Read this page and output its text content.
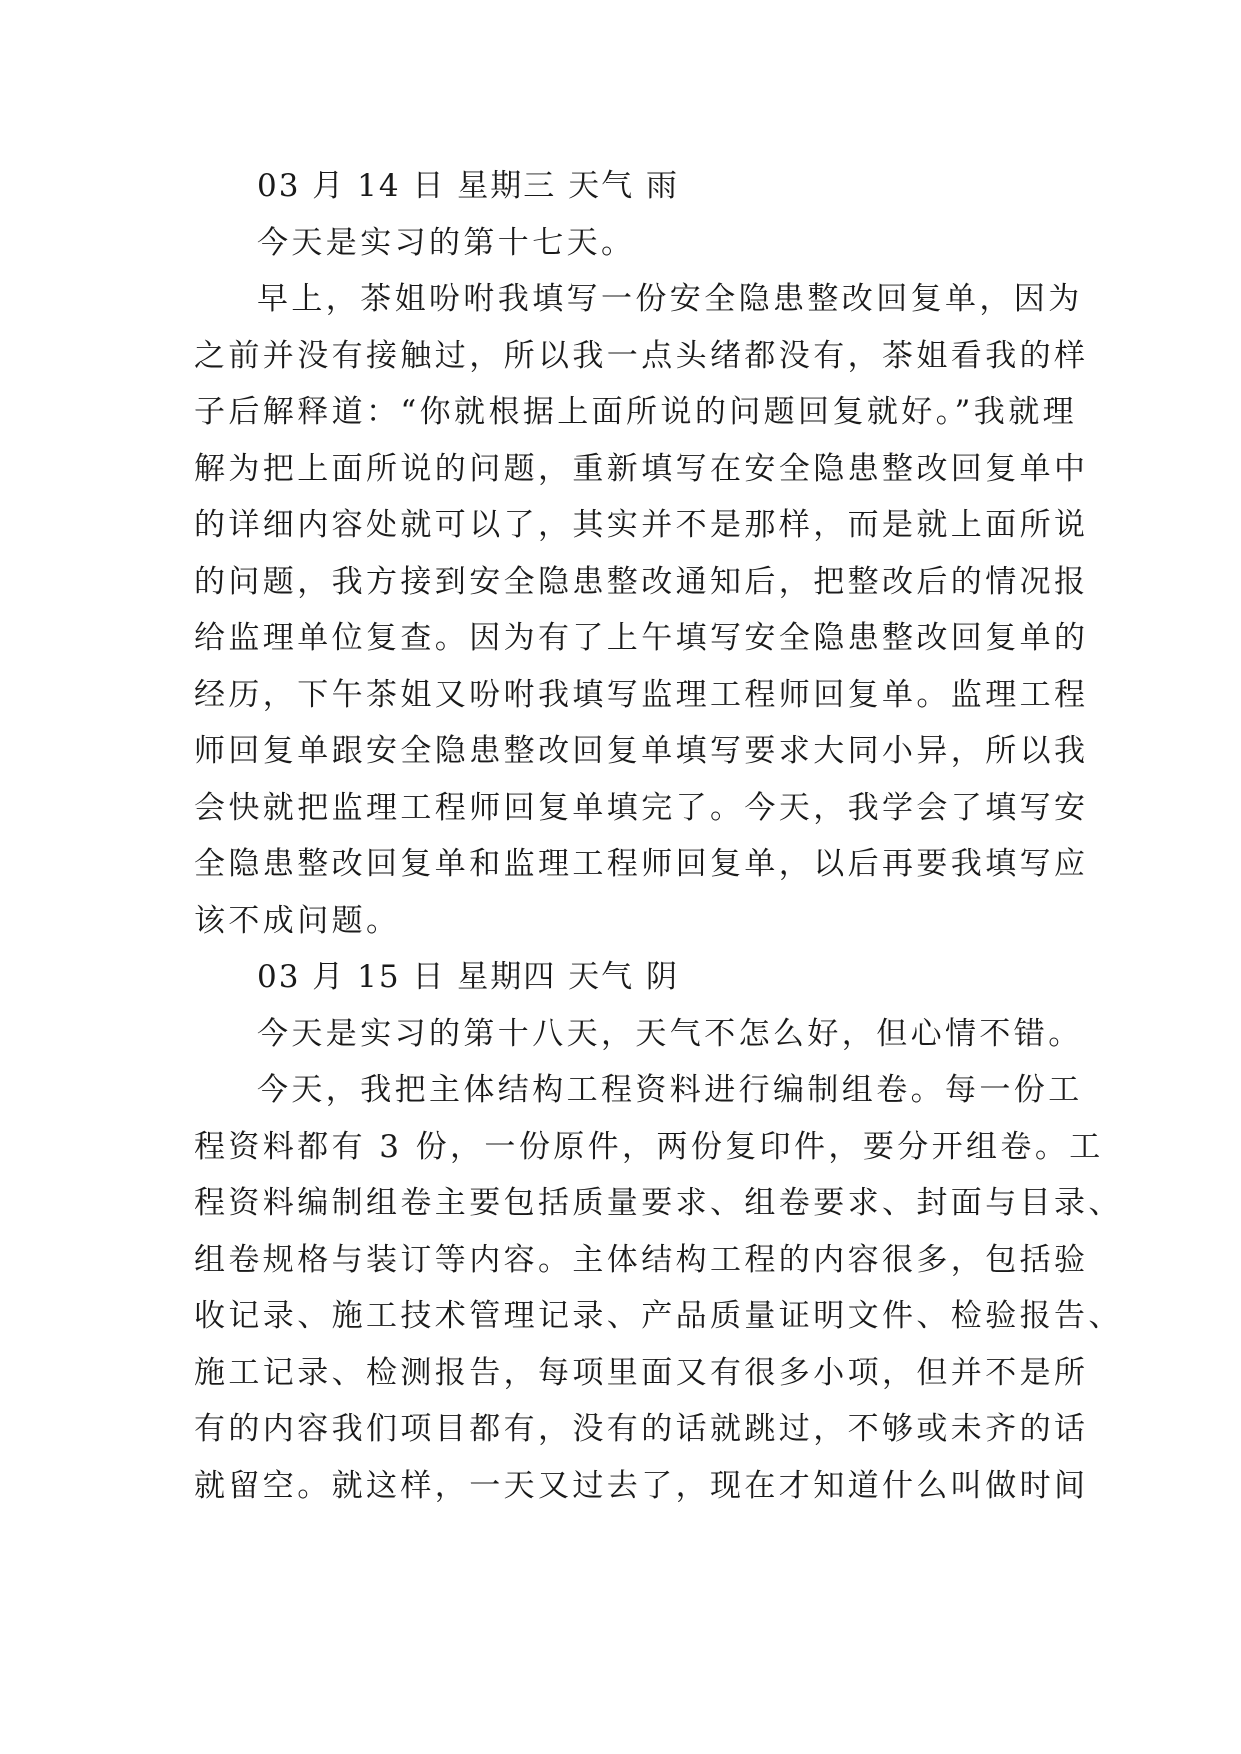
03 月 14 日 星期三 天气 雨
今天是实习的第十七天。
早上，茶姐吩咐我填写一份安全隐患整改回复单，因为
之前并没有接触过，所以我一点头绪都没有，茶姐看我的样
子后解释道：“你就根据上面所说的问题回复就好。”我就理
解为把上面所说的问题，重新填写在安全隐患整改回复单中
的详细内容处就可以了，其实并不是那样，而是就上面所说
的问题，我方接到安全隐患整改通知后，把整改后的情况报
给监理单位复查。因为有了上午填写安全隐患整改回复单的
经历，下午茶姐又吩咐我填写监理工程师回复单。监理工程
师回复单跟安全隐患整改回复单填写要求大同小异，所以我
会快就把监理工程师回复单填完了。今天，我学会了填写安
全隐患整改回复单和监理工程师回复单，以后再要我填写应
该不成问题。
03 月 15 日 星期四 天气 阴
今天是实习的第十八天，天气不怎么好，但心情不错。
今天，我把主体结构工程资料进行编制组卷。每一份工
程资料都有 3 份，一份原件，两份复印件，要分开组卷。工
程资料编制组卷主要包括质量要求、组卷要求、封面与目录、
组卷规格与装订等内容。主体结构工程的内容很多，包括验
收记录、施工技术管理记录、产品质量证明文件、检验报告、
施工记录、检测报告，每项里面又有很多小项，但并不是所
有的内容我们项目都有，没有的话就跳过，不够或未齐的话
就留空。就这样，一天又过去了，现在才知道什么叫做时间
